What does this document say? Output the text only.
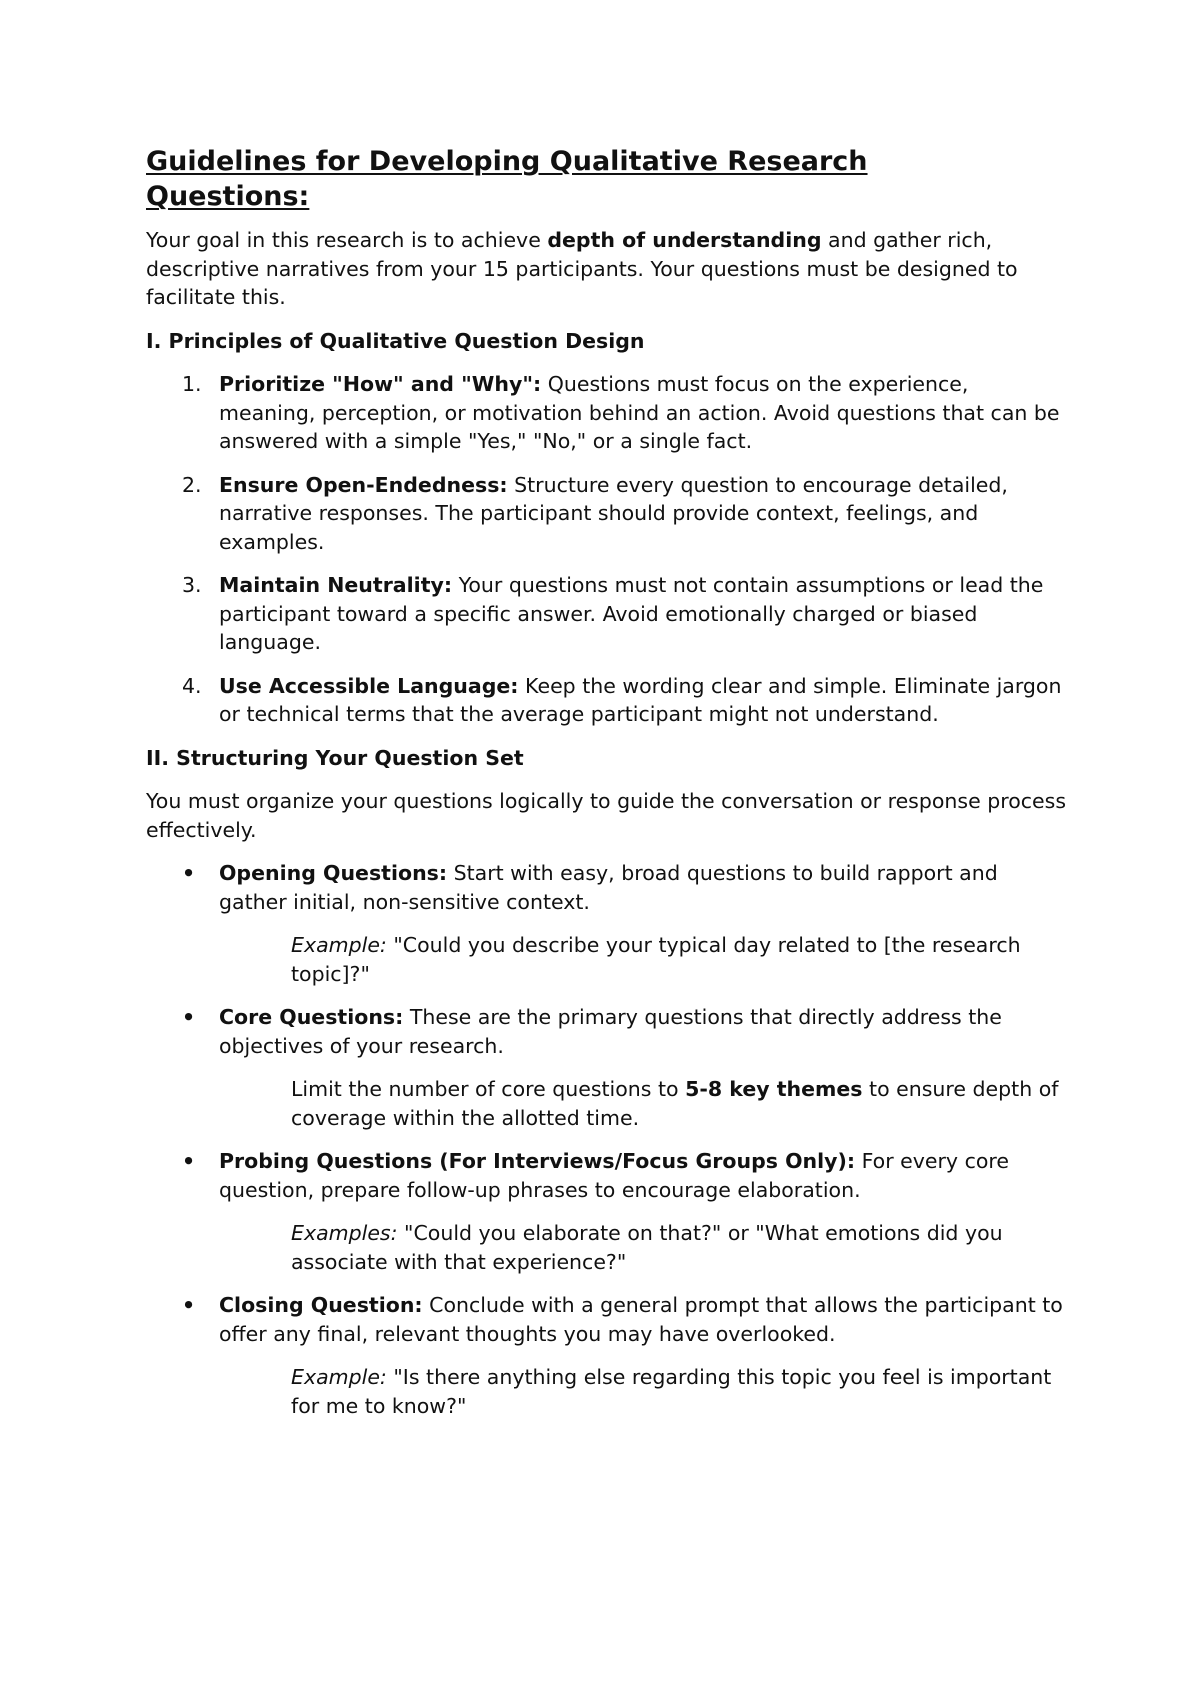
Guidelines for Developing Qualitative Research Questions:

Your goal in this research is to achieve depth of understanding and gather rich, descriptive narratives from your 15 participants. Your questions must be designed to facilitate this.

I. Principles of Qualitative Question Design
1. Prioritize "How" and "Why": Questions must focus on the experience, meaning, perception, or motivation behind an action. Avoid questions that can be answered with a simple "Yes," "No," or a single fact.
2. Ensure Open-Endedness: Structure every question to encourage detailed, narrative responses. The participant should provide context, feelings, and examples.
3. Maintain Neutrality: Your questions must not contain assumptions or lead the participant toward a specific answer. Avoid emotionally charged or biased language.
4. Use Accessible Language: Keep the wording clear and simple. Eliminate jargon or technical terms that the average participant might not understand.
II. Structuring Your Question Set

You must organize your questions logically to guide the conversation or response process effectively.

• Opening Questions: Start with easy, broad questions to build rapport and gather initial, non-sensitive context.

Example: "Could you describe your typical day related to [the research topic]?"

• Core Questions: These are the primary questions that directly address the objectives of your research.

Limit the number of core questions to 5-8 key themes to ensure depth of coverage within the allotted time.

• Probing Questions (For Interviews/Focus Groups Only): For every core question, prepare follow-up phrases to encourage elaboration.

Examples: "Could you elaborate on that?" or "What emotions did you associate with that experience?"

• Closing Question: Conclude with a general prompt that allows the participant to offer any final, relevant thoughts you may have overlooked.

Example: "Is there anything else regarding this topic you feel is important for me to know?"
